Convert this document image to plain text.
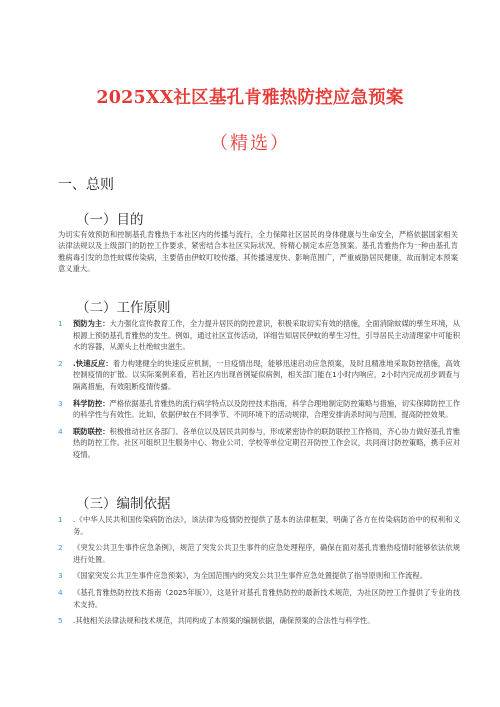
2025XX社区基孔肯雅热防控应急预案
（精选）
一、总则
（一）目的
为切实有效预防和控制基孔肯雅热于本社区内的传播与流行，全力保障社区居民的身体健康与生命安全，严格依据国家相关法律法规以及上级部门的防控工作要求，紧密结合本社区实际状况，特精心制定本应急预案。基孔肯雅热作为一种由基孔肯雅病毒引发的急性蚊媒传染病，主要借由伊蚊叮咬传播，其传播速度快、影响范围广，严重威胁居民健康，故而制定本预案意义重大。
（二）工作原则
1 预防为主：大力强化宣传教育工作，全力提升居民的防控意识，积极采取切实有效的措施，全面消除蚊媒的孳生环境，从根源上预防基孔肯雅热的发生。例如，通过社区宣传活动，详细告知居民伊蚊的孳生习性，引导居民主动清理家中可能积水的容器，从源头上杜绝蚊虫滋生。
2 .快速反应：着力构建健全的快速反应机制，一旦疫情出现，能够迅速启动应急预案，及时且精准地采取防控措施，高效控制疫情的扩散。以实际案例来看，若社区内出现首例疑似病例，相关部门能在1小时内响应，2小时内完成初步调查与隔离措施，有效阻断疫情传播。
3 科学防控：严格依据基孔肯雅热的流行病学特点以及防控技术指南，科学合理地制定防控策略与措施，切实保障防控工作的科学性与有效性。比如，依据伊蚊在不同季节、不同环境下的活动规律，合理安排消杀时间与范围，提高防控效果。
4 联防联控：积极推动社区各部门、各单位以及居民共同参与，形成紧密协作的联防联控工作格局，齐心协力做好基孔肯雅热的防控工作。社区可组织卫生服务中心、物业公司、学校等单位定期召开防控工作会议，共同商讨防控策略，携手应对疫情。
（三）编制依据
1 .《中华人民共和国传染病防治法》，该法律为疫情防控提供了基本的法律框架，明确了各方在传染病防治中的权利和义务。
2 《突发公共卫生事件应急条例》，规范了突发公共卫生事件的应急处理程序，确保在面对基孔肯雅热疫情时能够依法依规进行处置。
3 《国家突发公共卫生事件应急预案》，为全国范围内的突发公共卫生事件应急处置提供了指导原则和工作流程。
4 《基孔肯雅热防控技术指南（2025年版）》，这是针对基孔肯雅热防控的最新技术规范，为社区防控工作提供了专业的技术支持。
5 .其他相关法律法规和技术规范，共同构成了本预案的编制依据，确保预案的合法性与科学性。
